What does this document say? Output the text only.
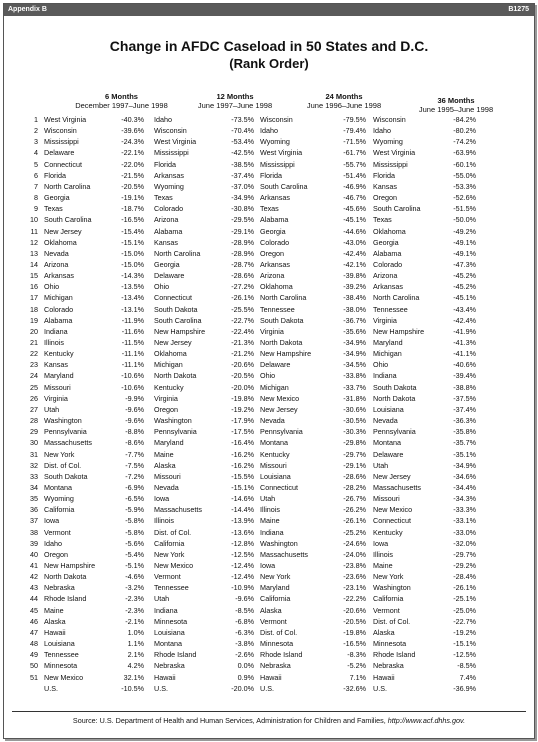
Appendix B	B1275
Change in AFDC Caseload in 50 States and D.C.
(Rank Order)
6 Months
December 1997–June 1998
12 Months
June 1997–June 1998
24 Months
June 1996–June 1998
36 Months
June 1995–June 1998
1 West Virginia	-40.3% Idaho	-73.5% Wisconsin	-79.5% Wisconsin	-84.2%
2 Wisconsin	-39.6% Wisconsin	-70.4% Idaho	-79.4% Idaho	-80.2%
3 Mississippi	-24.3% West Virginia	-53.4% Wyoming	-71.5% Wyoming	-74.2%
4 Delaware	-22.1% Mississippi	-42.5% West Virginia	-61.7% West Virginia	-63.9%
5 Connecticut	-22.0% Florida	-38.5% Mississippi	-55.7% Mississippi	-60.1%
6 Florida	-21.5% Arkansas	-37.4% Florida	-51.4% Florida	-55.0%
7 North Carolina	-20.5% Wyoming	-37.0% South Carolina	-46.9% Kansas	-53.3%
8 Georgia	-19.1% Texas	-34.9% Arkansas	-46.7% Oregon	-52.6%
9 Texas	-18.7% Colorado	-30.8% Texas	-45.6% South Carolina	-51.5%
10 South Carolina	-16.5% Arizona	-29.5% Alabama	-45.1% Texas	-50.0%
11 New Jersey	-15.4% Alabama	-29.1% Georgia	-44.6% Oklahoma	-49.2%
12 Oklahoma	-15.1% Kansas	-28.9% Colorado	-43.0% Georgia	-49.1%
13 Nevada	-15.0% North Carolina	-28.9% Oregon	-42.4% Alabama	-49.1%
14 Arizona	-15.0% Georgia	-28.7% Arkansas	-42.1% Colorado	-47.3%
15 Arkansas	-14.3% Delaware	-28.6% Arizona	-39.8% Arizona	-45.2%
16 Ohio	-13.5% Ohio	-27.2% Oklahoma	-39.2% Arkansas	-45.2%
17 Michigan	-13.4% Connecticut	-26.1% North Carolina	-38.4% North Carolina	-45.1%
18 Colorado	-13.1% South Dakota	-25.5% Tennessee	-38.0% Tennessee	-43.4%
19 Alabama	-11.9% South Carolina	-22.7% South Dakota	-36.7% Virginia	-42.4%
20 Indiana	-11.6% New Hampshire	-22.4% Virginia	-35.6% New Hampshire	-41.9%
21 Illinois	-11.5% New Jersey	-21.3% North Dakota	-34.9% Maryland	-41.3%
22 Kentucky	-11.1% Oklahoma	-21.2% New Hampshire	-34.9% Michigan	-41.1%
23 Kansas	-11.1% Michigan	-20.6% Delaware	-34.5% Ohio	-40.6%
24 Maryland	-10.6% North Dakota	-20.5% Ohio	-33.8% Indiana	-39.4%
25 Missouri	-10.6% Kentucky	-20.0% Michigan	-33.7% South Dakota	-38.8%
26 Virginia	-9.9% Virginia	-19.8% New Mexico	-31.8% North Dakota	-37.5%
27 Utah	-9.6% Oregon	-19.2% New Jersey	-30.6% Louisiana	-37.4%
28 Washington	-9.6% Washington	-17.9% Nevada	-30.5% Nevada	-36.3%
29 Pennsylvania	-8.8% Pennsylvania	-17.5% Pennsylvania	-30.3% Pennsylvania	-35.8%
30 Massachusetts	-8.6% Maryland	-16.4% Montana	-29.8% Montana	-35.7%
31 New York	-7.7% Maine	-16.2% Kentucky	-29.7% Delaware	-35.1%
32 Dist. of Col.	-7.5% Alaska	-16.2% Missouri	-29.1% Utah	-34.9%
33 South Dakota	-7.2% Missouri	-15.5% Louisiana	-28.6% New Jersey	-34.6%
34 Montana	-6.9% Nevada	-15.1% Connecticut	-28.2% Massachusetts	-34.4%
35 Wyoming	-6.5% Iowa	-14.6% Utah	-26.7% Missouri	-34.3%
36 California	-5.9% Massachusetts	-14.4% Illinois	-26.2% New Mexico	-33.3%
37 Iowa	-5.8% Illinois	-13.9% Maine	-26.1% Connecticut	-33.1%
38 Vermont	-5.8% Dist. of Col.	-13.6% Indiana	-25.2% Kentucky	-33.0%
39 Idaho	-5.6% California	-12.8% Washington	-24.6% Iowa	-32.0%
40 Oregon	-5.4% New York	-12.5% Massachusetts	-24.0% Illinois	-29.7%
41 New Hampshire	-5.1% New Mexico	-12.4% Iowa	-23.8% Maine	-29.2%
42 North Dakota	-4.6% Vermont	-12.4% New York	-23.6% New York	-28.4%
43 Nebraska	-3.2% Tennessee	-10.9% Maryland	-23.1% Washington	-26.1%
44 Rhode Island	-2.3% Utah	-9.6% California	-22.2% California	-25.1%
45 Maine	-2.3% Indiana	-8.5% Alaska	-20.6% Vermont	-25.0%
46 Alaska	-2.1% Minnesota	-6.8% Vermont	-20.5% Dist. of Col.	-22.7%
47 Hawaii	1.0% Louisiana	-6.3% Dist. of Col.	-19.8% Alaska	-19.2%
48 Louisiana	1.1% Montana	-3.8% Minnesota	-16.5% Minnesota	-15.1%
49 Tennessee	2.1% Rhode Island	-2.6% Rhode Island	-8.3% Rhode Island	-12.5%
50 Minnesota	4.2% Nebraska	0.0% Nebraska	-5.2% Nebraska	-8.5%
51 New Mexico	32.1% Hawaii	0.9% Hawaii	7.1% Hawaii	7.4%
U.S.	-10.5% U.S.	-20.0% U.S.	-32.6% U.S.	-36.9%
Source: U.S. Department of Health and Human Services, Administration for Children and Families, http://www.acf.dhhs.gov.
